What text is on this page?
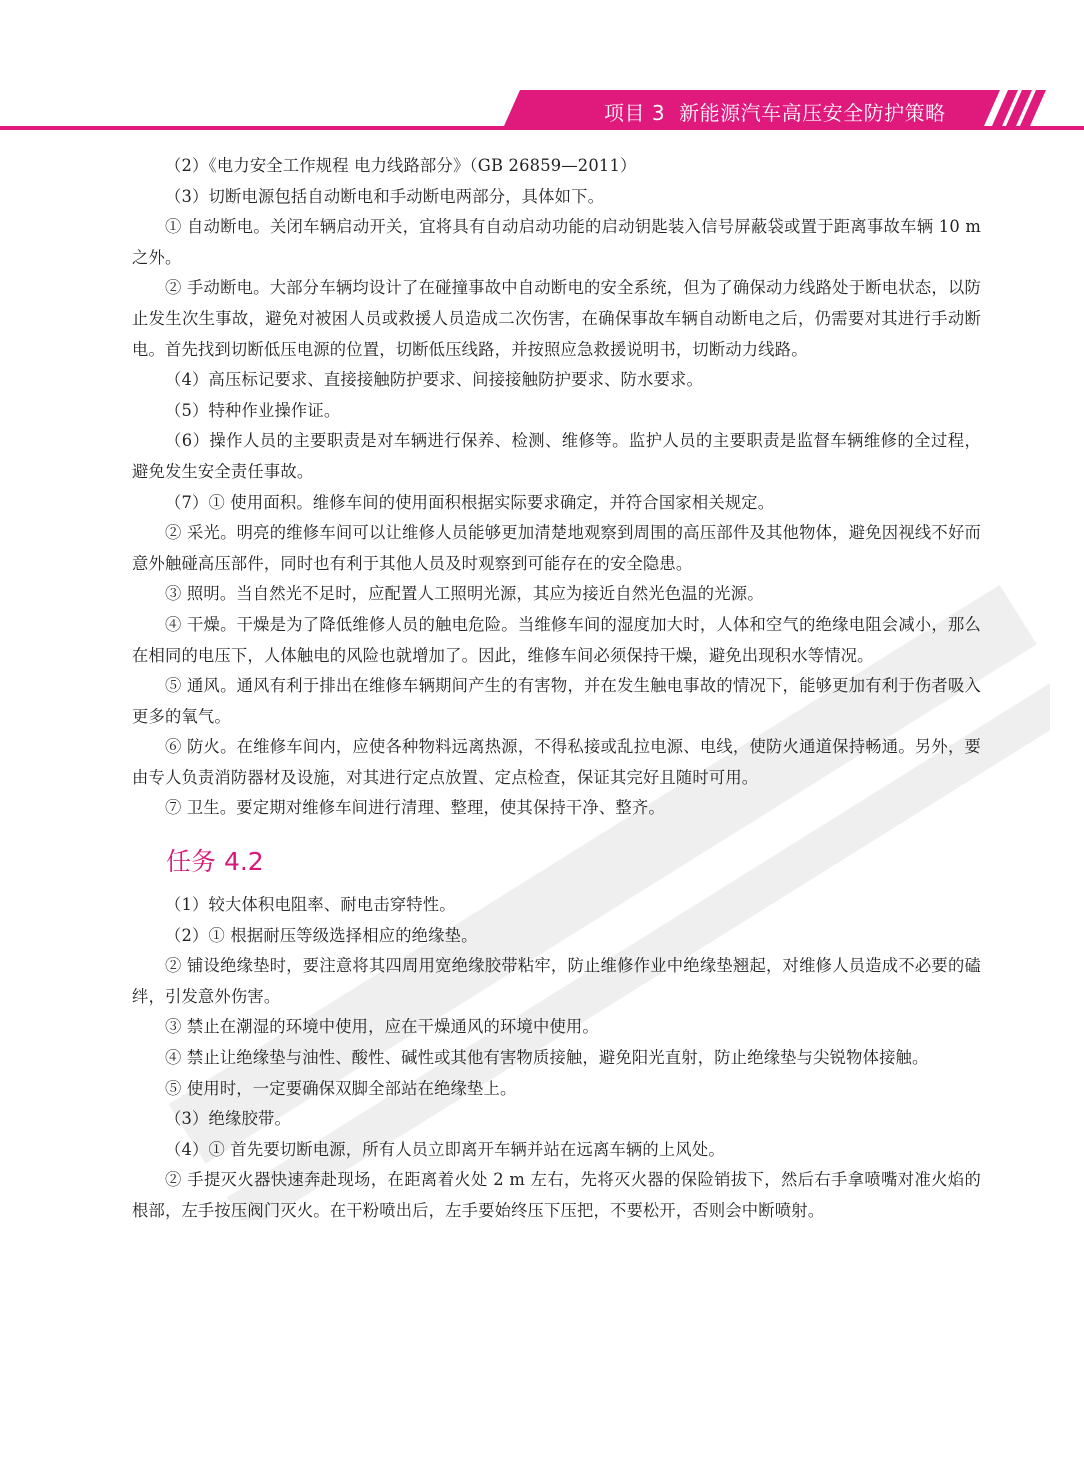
项目 3 新能源汽车高压安全防护策略

（2）《电力安全工作规程 电力线路部分》（GB 26859—2011）

（3）切断电源包括自动断电和手动断电两部分，具体如下。

① 自动断电。关闭车辆启动开关，宜将具有自动启动功能的启动钥匙装入信号屏蔽袋或置于距离事故车辆 10 m 之外。

② 手动断电。大部分车辆均设计了在碰撞事故中自动断电的安全系统，但为了确保动力线路处于断电状态，以防止发生次生事故，避免对被困人员或救援人员造成二次伤害，在确保事故车辆自动断电之后，仍需要对其进行手动断电。首先找到切断低压电源的位置，切断低压线路，并按照应急救援说明书，切断动力线路。

（4）高压标记要求、直接接触防护要求、间接接触防护要求、防水要求。

（5）特种作业操作证。

（6）操作人员的主要职责是对车辆进行保养、检测、维修等。监护人员的主要职责是监督车辆维修的全过程，避免发生安全责任事故。

（7）① 使用面积。维修车间的使用面积根据实际要求确定，并符合国家相关规定。

② 采光。明亮的维修车间可以让维修人员能够更加清楚地观察到周围的高压部件及其他物体，避免因视线不好而意外触碰高压部件，同时也有利于其他人员及时观察到可能存在的安全隐患。

③ 照明。当自然光不足时，应配置人工照明光源，其应为接近自然光色温的光源。

④ 干燥。干燥是为了降低维修人员的触电危险。当维修车间的湿度加大时，人体和空气的绝缘电阻会减小，那么在相同的电压下，人体触电的风险也就增加了。因此，维修车间必须保持干燥，避免出现积水等情况。

⑤ 通风。通风有利于排出在维修车辆期间产生的有害物，并在发生触电事故的情况下，能够更加有利于伤者吸入更多的氧气。

⑥ 防火。在维修车间内，应使各种物料远离热源，不得私接或乱拉电源、电线，使防火通道保持畅通。另外，要由专人负责消防器材及设施，对其进行定点放置、定点检查，保证其完好且随时可用。

⑦ 卫生。要定期对维修车间进行清理、整理，使其保持干净、整齐。

任务 4.2

（1）较大体积电阻率、耐电击穿特性。

（2）① 根据耐压等级选择相应的绝缘垫。

② 铺设绝缘垫时，要注意将其四周用宽绝缘胶带粘牢，防止维修作业中绝缘垫翘起，对维修人员造成不必要的磕绊，引发意外伤害。

③ 禁止在潮湿的环境中使用，应在干燥通风的环境中使用。

④ 禁止让绝缘垫与油性、酸性、碱性或其他有害物质接触，避免阳光直射，防止绝缘垫与尖锐物体接触。

⑤ 使用时，一定要确保双脚全部站在绝缘垫上。

（3）绝缘胶带。

（4）① 首先要切断电源，所有人员立即离开车辆并站在远离车辆的上风处。

② 手提灭火器快速奔赴现场，在距离着火处 2 m 左右，先将灭火器的保险销拔下，然后右手拿喷嘴对准火焰的根部，左手按压阀门灭火。在干粉喷出后，左手要始终压下压把，不要松开，否则会中断喷射。
